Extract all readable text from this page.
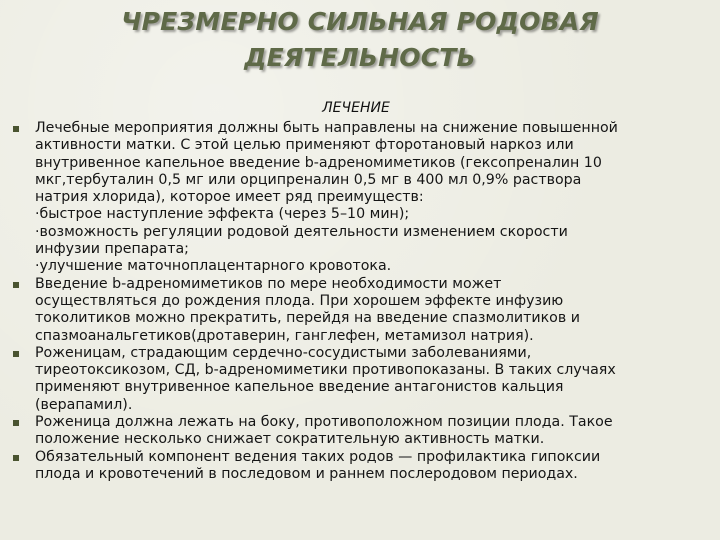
ЧРЕЗМЕРНО СИЛЬНАЯ РОДОВАЯ
ДЕЯТЕЛЬНОСТЬ
ЛЕЧЕНИЕ
Лечебные мероприятия должны быть направлены на снижение повышенной
активности матки. С этой целью применяют фторотановый наркоз или
внутривенное капельное введение b-адреномиметиков (гексопреналин 10
мкг,тербуталин 0,5 мг или орципреналин 0,5 мг в 400 мл 0,9% раствора
натрия хлорида), которое имеет ряд преимуществ:
·быстрое наступление эффекта (через 5–10 мин);
·возможность регуляции родовой деятельности изменением скорости
инфузии препарата;
·улучшение маточноплацентарного кровотока.
Введение b-адреномиметиков по мере необходимости может
осуществляться до рождения плода. При хорошем эффекте инфузию
токолитиков можно прекратить, перейдя на введение спазмолитиков и
спазмоанальгетиков(дротаверин, ганглефен, метамизол натрия).
Роженицам, страдающим сердечно-сосудистыми заболеваниями,
тиреотоксикозом, СД, b-адреномиметики противопоказаны. В таких случаях
применяют внутривенное капельное введение антагонистов кальция
(верапамил).
Роженица должна лежать на боку, противоположном позиции плода. Такое
положение несколько снижает сократительную активность матки.
Обязательный компонент ведения таких родов — профилактика гипоксии
плода и кровотечений в последовом и раннем послеродовом периодах.
